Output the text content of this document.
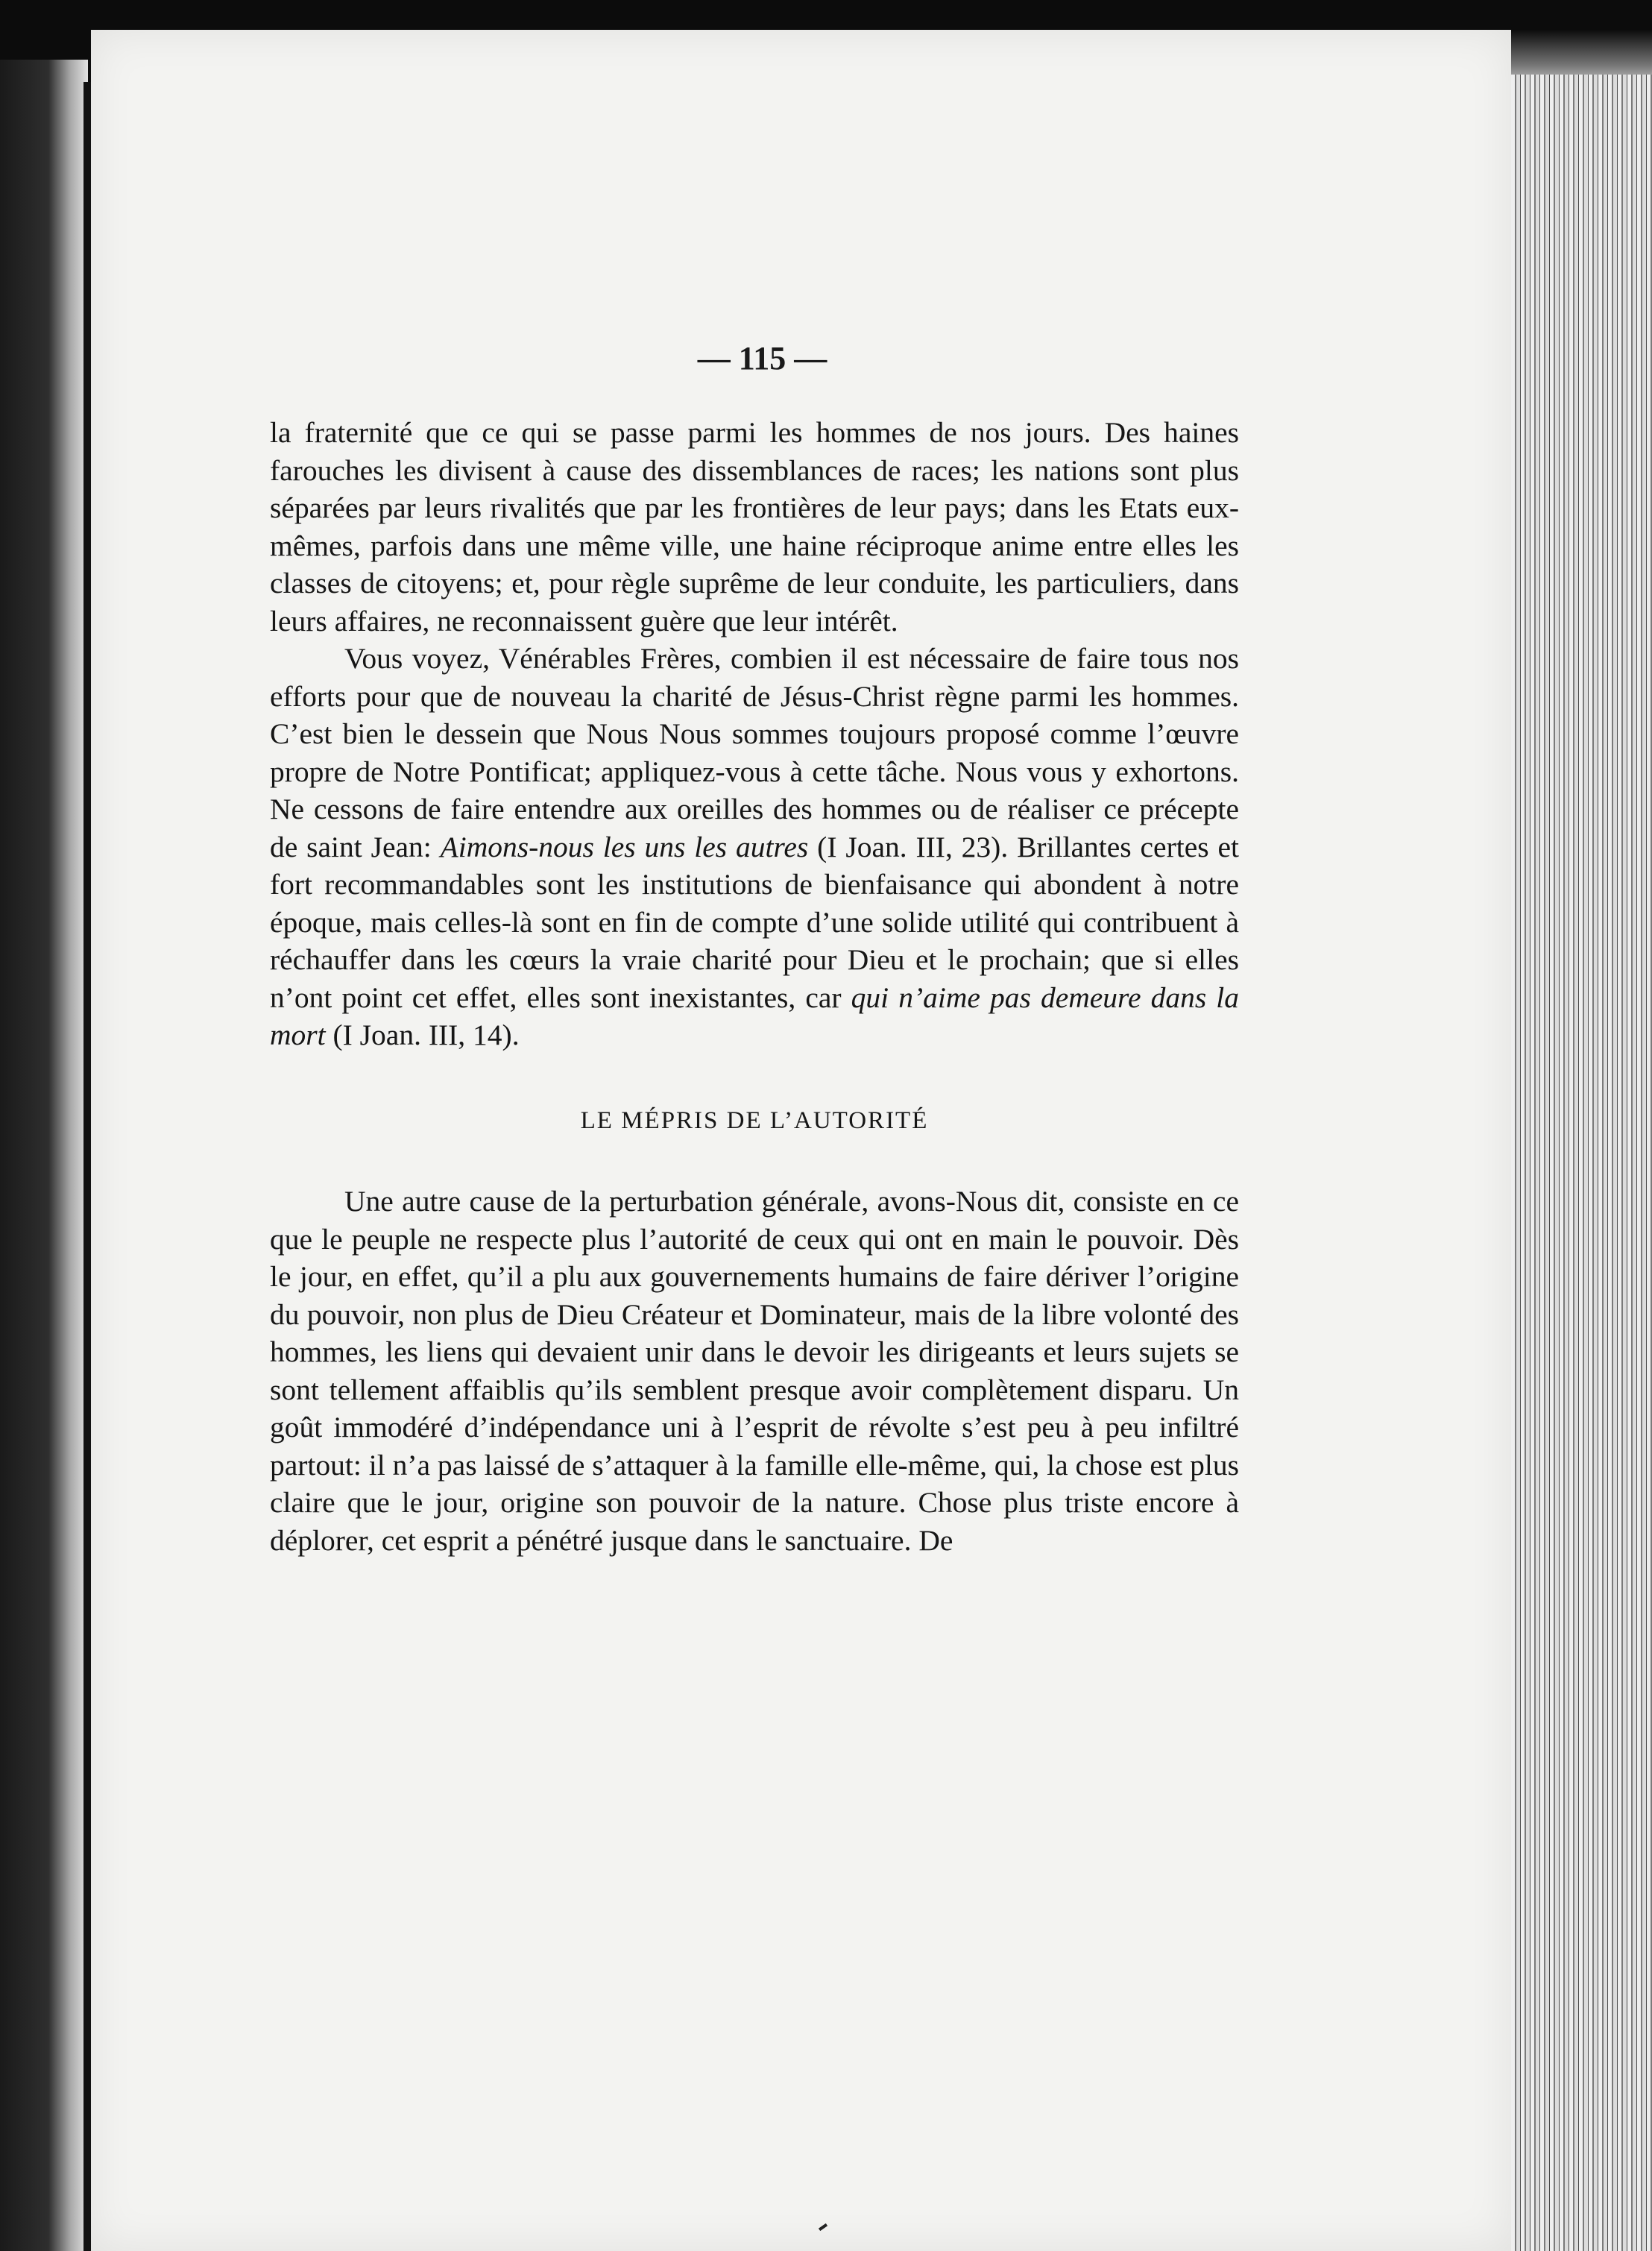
— 115 —

la fraternité que ce qui se passe parmi les hommes de nos jours. Des haines farouches les divisent à cause des dissemblances de races; les nations sont plus séparées par leurs rivalités que par les frontières de leur pays; dans les Etats eux-mêmes, parfois dans une même ville, une haine réciproque anime entre elles les classes de citoyens; et, pour règle suprême de leur conduite, les particuliers, dans leurs affaires, ne reconnaissent guère que leur intérêt.

Vous voyez, Vénérables Frères, combien il est nécessaire de faire tous nos efforts pour que de nouveau la charité de Jésus-Christ règne parmi les hommes. C’est bien le dessein que Nous Nous sommes toujours proposé comme l’œuvre propre de Notre Pontificat; appliquez-vous à cette tâche. Nous vous y exhortons. Ne cessons de faire entendre aux oreilles des hommes ou de réaliser ce précepte de saint Jean: Aimons-nous les uns les autres (I Joan. III, 23). Brillantes certes et fort recommandables sont les institutions de bienfaisance qui abondent à notre époque, mais celles-là sont en fin de compte d’une solide utilité qui contribuent à réchauffer dans les cœurs la vraie charité pour Dieu et le prochain; que si elles n’ont point cet effet, elles sont inexistantes, car qui n’aime pas demeure dans la mort (I Joan. III, 14).

LE MÉPRIS DE L’AUTORITÉ

Une autre cause de la perturbation générale, avons-Nous dit, consiste en ce que le peuple ne respecte plus l’autorité de ceux qui ont en main le pouvoir. Dès le jour, en effet, qu’il a plu aux gouvernements humains de faire dériver l’origine du pouvoir, non plus de Dieu Créateur et Dominateur, mais de la libre volonté des hommes, les liens qui devaient unir dans le devoir les dirigeants et leurs sujets se sont tellement affaiblis qu’ils semblent presque avoir complètement disparu. Un goût immodéré d’indépendance uni à l’esprit de révolte s’est peu à peu infiltré partout: il n’a pas laissé de s’attaquer à la famille elle-même, qui, la chose est plus claire que le jour, origine son pouvoir de la nature. Chose plus triste encore à déplorer, cet esprit a pénétré jusque dans le sanctuaire. De
